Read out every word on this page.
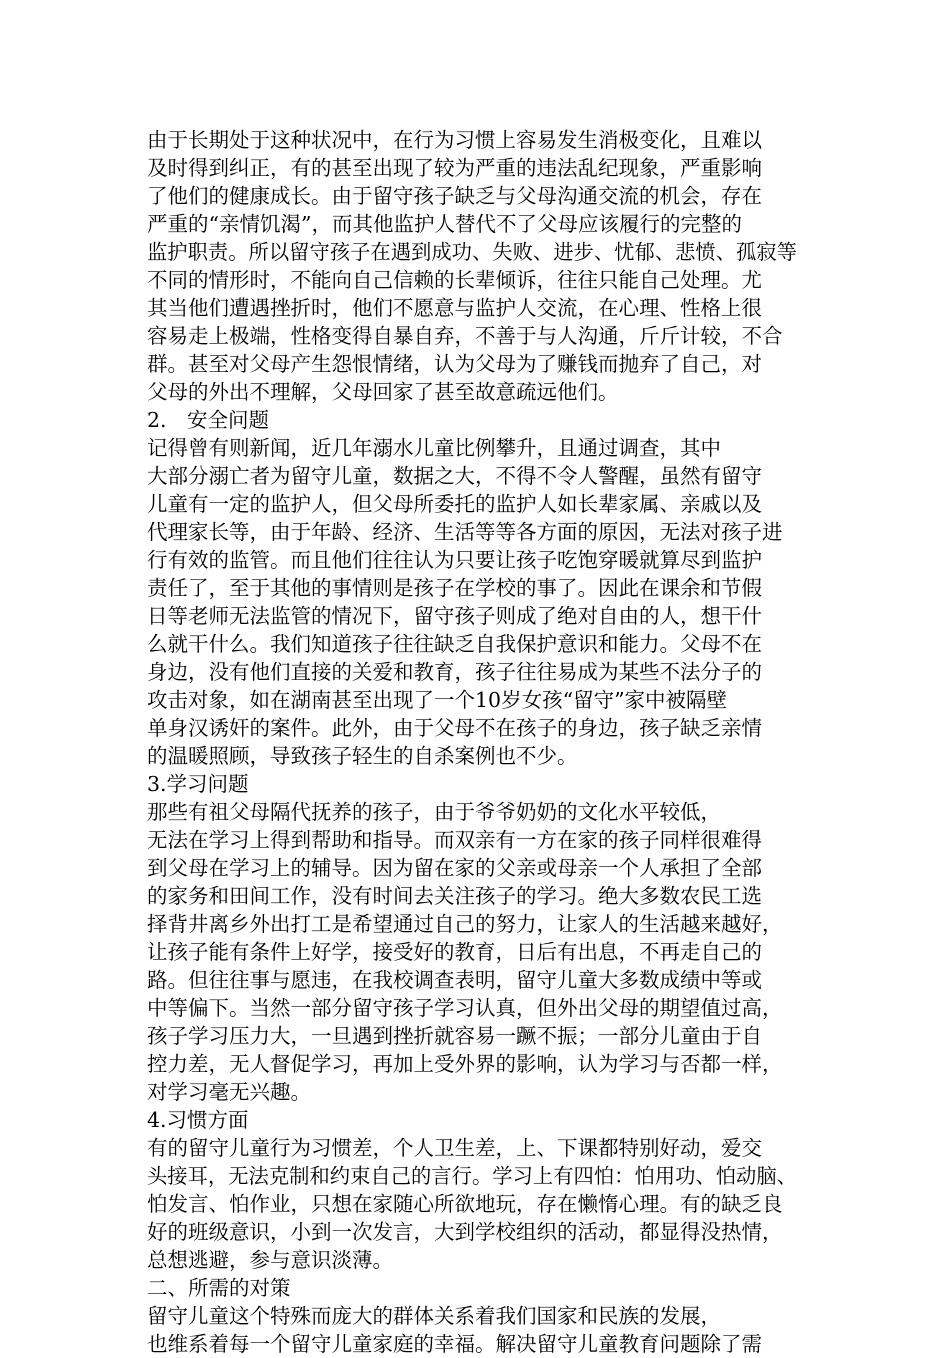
由于长期处于这种状况中，在行为习惯上容易发生消极变化，且难以
及时得到纠正，有的甚至出现了较为严重的违法乱纪现象，严重影响
了他们的健康成长。由于留守孩子缺乏与父母沟通交流的机会，存在
严重的“亲情饥渴”，而其他监护人替代不了父母应该履行的完整的
监护职责。所以留守孩子在遇到成功、失败、进步、忧郁、悲愤、孤寂等
不同的情形时，不能向自己信赖的长辈倾诉，往往只能自己处理。尤
其当他们遭遇挫折时，他们不愿意与监护人交流，在心理、性格上很
容易走上极端，性格变得自暴自弃，不善于与人沟通，斤斤计较，不合
群。甚至对父母产生怨恨情绪，认为父母为了赚钱而抛弃了自己，对
父母的外出不理解，父母回家了甚至故意疏远他们。
2.　安全问题
记得曾有则新闻，近几年溺水儿童比例攀升，且通过调查，其中
大部分溺亡者为留守儿童，数据之大，不得不令人警醒，虽然有留守
儿童有一定的监护人，但父母所委托的监护人如长辈家属、亲戚以及
代理家长等，由于年龄、经济、生活等等各方面的原因，无法对孩子进
行有效的监管。而且他们往往认为只要让孩子吃饱穿暖就算尽到监护
责任了，至于其他的事情则是孩子在学校的事了。因此在课余和节假
日等老师无法监管的情况下，留守孩子则成了绝对自由的人，想干什
么就干什么。我们知道孩子往往缺乏自我保护意识和能力。父母不在
身边，没有他们直接的关爱和教育，孩子往往易成为某些不法分子的
攻击对象，如在湖南甚至出现了一个10岁女孩“留守”家中被隔壁
单身汉诱奸的案件。此外，由于父母不在孩子的身边，孩子缺乏亲情
的温暖照顾，导致孩子轻生的自杀案例也不少。
3.学习问题
那些有祖父母隔代抚养的孩子，由于爷爷奶奶的文化水平较低，
无法在学习上得到帮助和指导。而双亲有一方在家的孩子同样很难得
到父母在学习上的辅导。因为留在家的父亲或母亲一个人承担了全部
的家务和田间工作，没有时间去关注孩子的学习。绝大多数农民工选
择背井离乡外出打工是希望通过自己的努力，让家人的生活越来越好，
让孩子能有条件上好学，接受好的教育，日后有出息，不再走自己的
路。但往往事与愿违，在我校调查表明，留守儿童大多数成绩中等或
中等偏下。当然一部分留守孩子学习认真，但外出父母的期望值过高，
孩子学习压力大，一旦遇到挫折就容易一蹶不振；一部分儿童由于自
控力差，无人督促学习，再加上受外界的影响，认为学习与否都一样，
对学习毫无兴趣。
4.习惯方面
有的留守儿童行为习惯差，个人卫生差，上、下课都特别好动，爱交
头接耳，无法克制和约束自己的言行。学习上有四怕：怕用功、怕动脑、
怕发言、怕作业，只想在家随心所欲地玩，存在懒惰心理。有的缺乏良
好的班级意识，小到一次发言，大到学校组织的活动，都显得没热情，
总想逃避，参与意识淡薄。
二、所需的对策
留守儿童这个特殊而庞大的群体关系着我们国家和民族的发展，
也维系着每一个留守儿童家庭的幸福。解决留守儿童教育问题除了需
